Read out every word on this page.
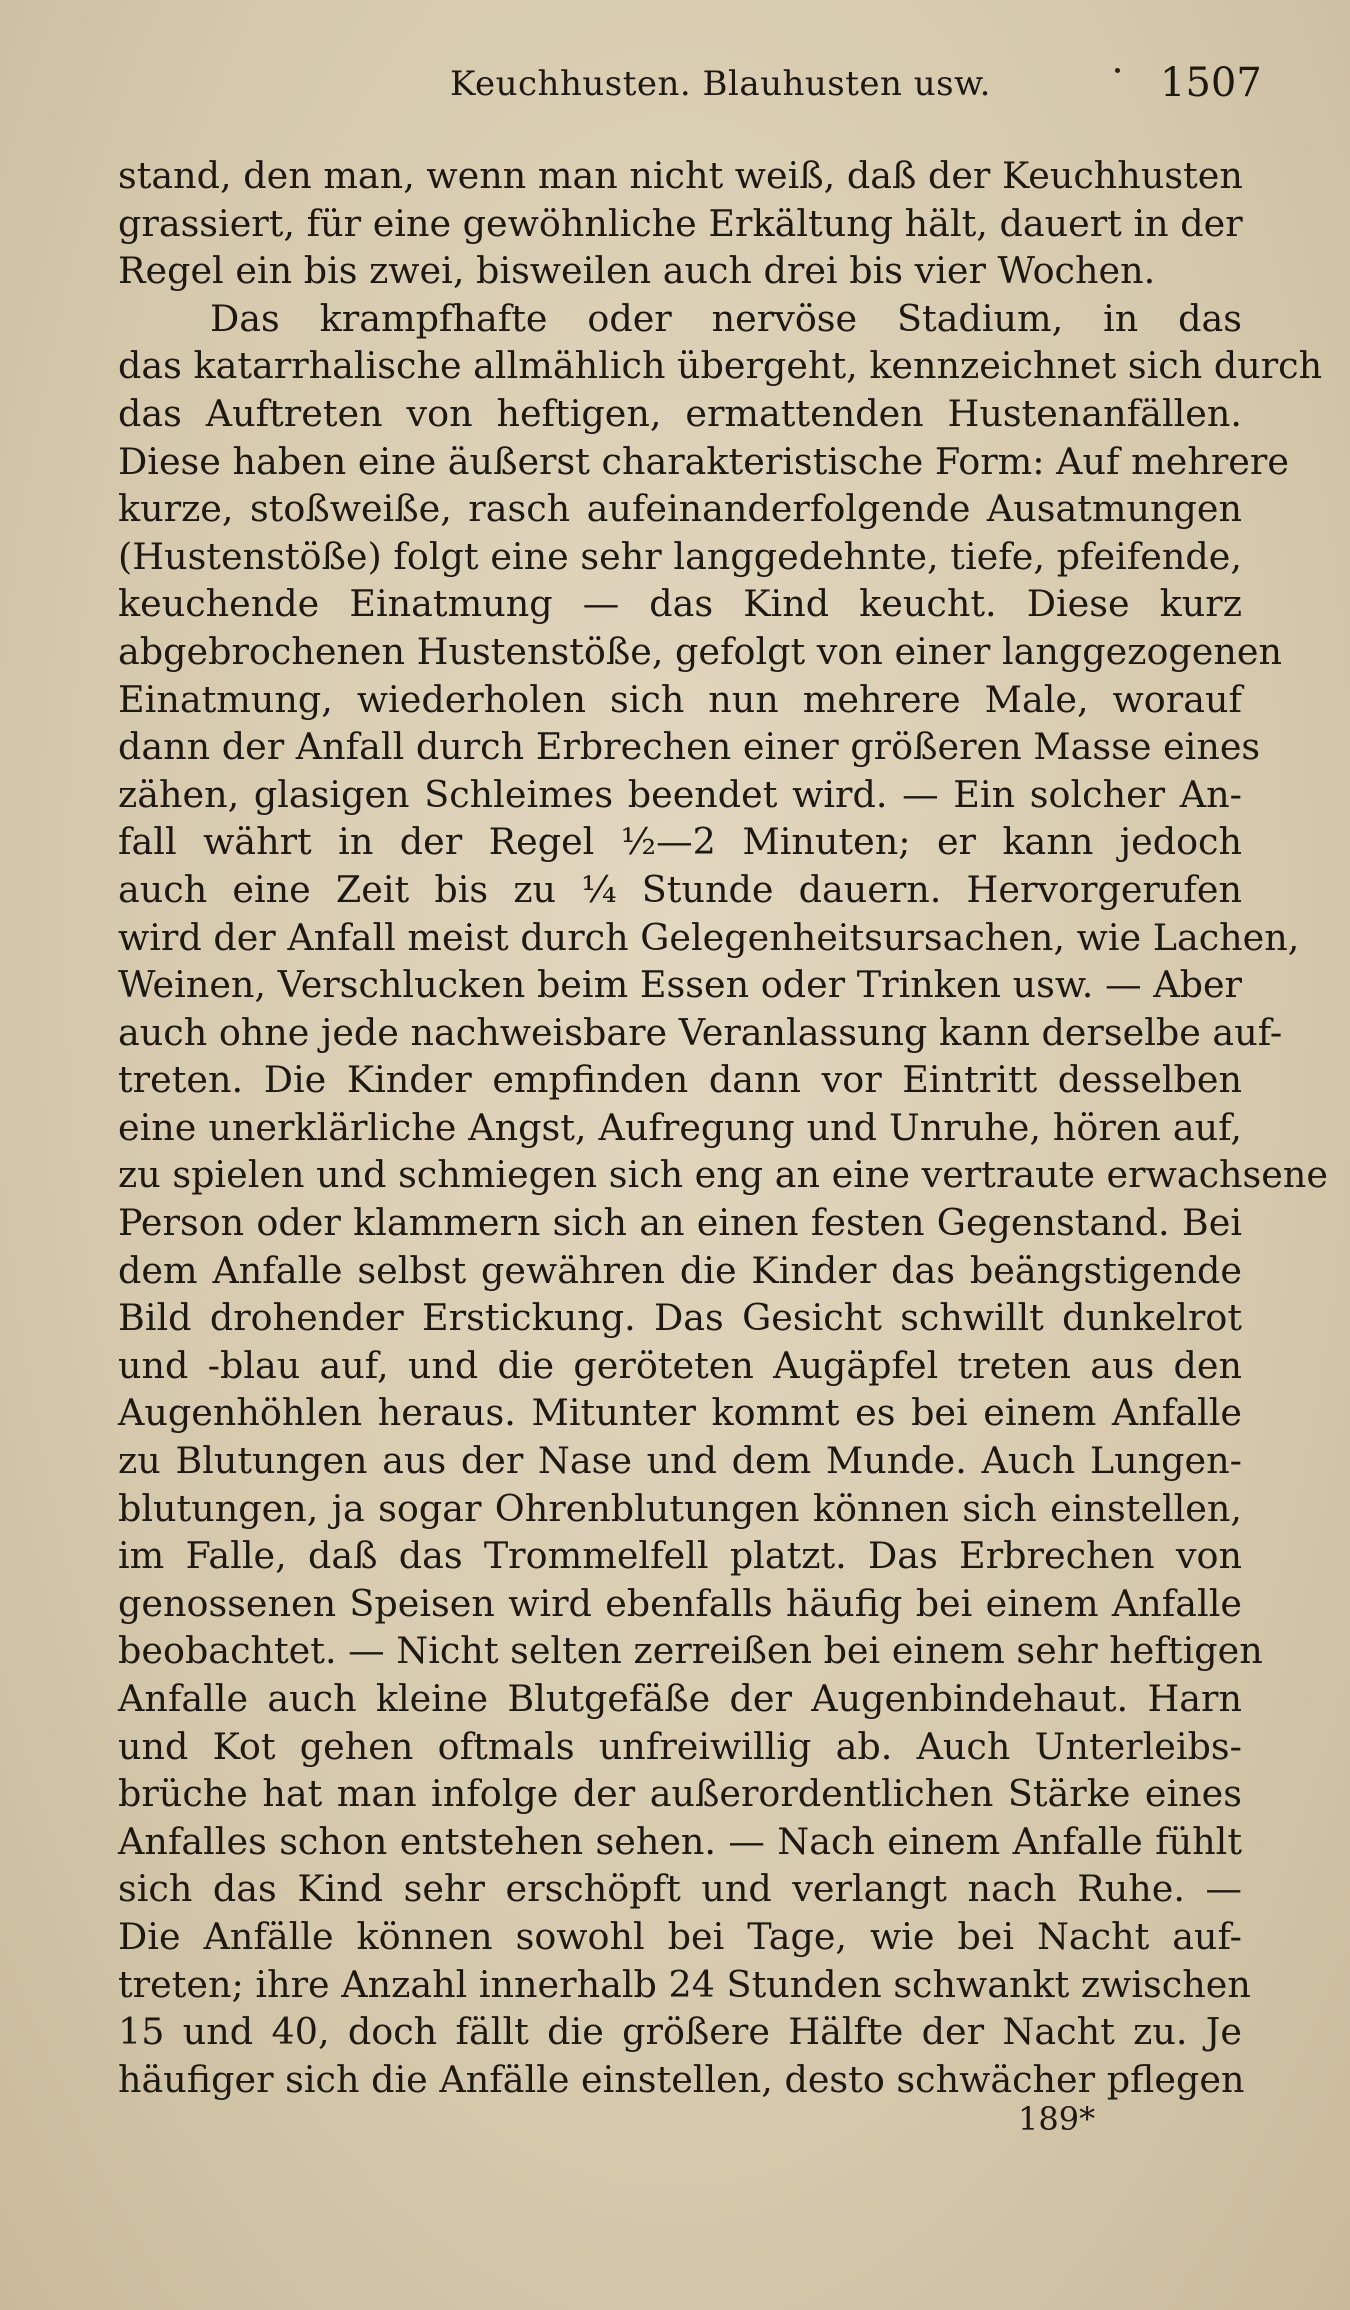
Keuchhusten. Blauhusten usw.	1507
stand, den man, wenn man nicht weiß, daß der Keuchhusten
grassiert, für eine gewöhnliche Erkältung hält, dauert in der
Regel ein bis zwei, bisweilen auch drei bis vier Wochen.
Das krampfhafte oder nervöse Stadium, in das
das katarrhalische allmählich übergeht, kennzeichnet sich durch
das Auftreten von heftigen, ermattenden Hustenanfällen.
Diese haben eine äußerst charakteristische Form: Auf mehrere
kurze, stoßweiße, rasch aufeinanderfolgende Ausatmungen
(Hustenstöße) folgt eine sehr langgedehnte, tiefe, pfeifende,
keuchende Einatmung — das Kind keucht. Diese kurz
abgebrochenen Hustenstöße, gefolgt von einer langgezogenen
Einatmung, wiederholen sich nun mehrere Male, worauf
dann der Anfall durch Erbrechen einer größeren Masse eines
zähen, glasigen Schleimes beendet wird. — Ein solcher An-
fall währt in der Regel ½—2 Minuten; er kann jedoch
auch eine Zeit bis zu ¼ Stunde dauern. Hervorgerufen
wird der Anfall meist durch Gelegenheitsursachen, wie Lachen,
Weinen, Verschlucken beim Essen oder Trinken usw. — Aber
auch ohne jede nachweisbare Veranlassung kann derselbe auf-
treten. Die Kinder empfinden dann vor Eintritt desselben
eine unerklärliche Angst, Aufregung und Unruhe, hören auf,
zu spielen und schmiegen sich eng an eine vertraute erwachsene
Person oder klammern sich an einen festen Gegenstand. Bei
dem Anfalle selbst gewähren die Kinder das beängstigende
Bild drohender Erstickung. Das Gesicht schwillt dunkelrot
und -blau auf, und die geröteten Augäpfel treten aus den
Augenhöhlen heraus. Mitunter kommt es bei einem Anfalle
zu Blutungen aus der Nase und dem Munde. Auch Lungen-
blutungen, ja sogar Ohrenblutungen können sich einstellen,
im Falle, daß das Trommelfell platzt. Das Erbrechen von
genossenen Speisen wird ebenfalls häufig bei einem Anfalle
beobachtet. — Nicht selten zerreißen bei einem sehr heftigen
Anfalle auch kleine Blutgefäße der Augenbindehaut. Harn
und Kot gehen oftmals unfreiwillig ab. Auch Unterleibs-
brüche hat man infolge der außerordentlichen Stärke eines
Anfalles schon entstehen sehen. — Nach einem Anfalle fühlt
sich das Kind sehr erschöpft und verlangt nach Ruhe. —
Die Anfälle können sowohl bei Tage, wie bei Nacht auf-
treten; ihre Anzahl innerhalb 24 Stunden schwankt zwischen
15 und 40, doch fällt die größere Hälfte der Nacht zu. Je
häufiger sich die Anfälle einstellen, desto schwächer pflegen
189*
